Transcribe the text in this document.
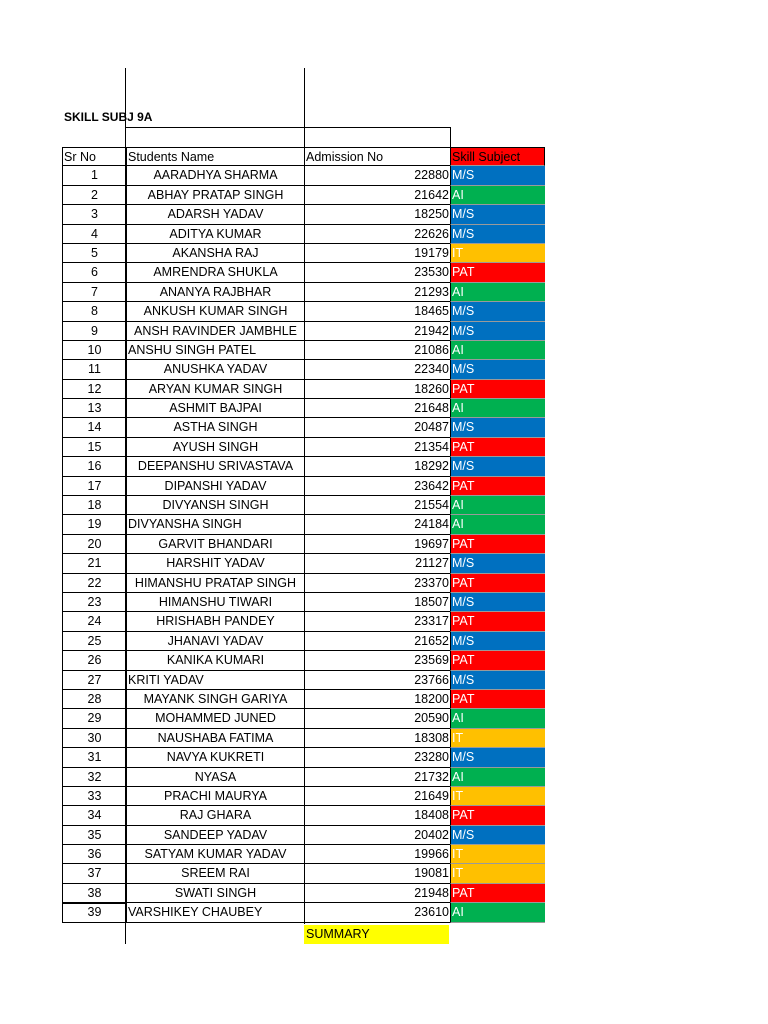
SKILL SUBJ 9A
Sr No	Students Name	Admission No	Skill Subject
1	AARADHYA SHARMA	22880 M/S
2	ABHAY PRATAP SINGH	21642 AI
3	ADARSH YADAV	18250 M/S
4	ADITYA KUMAR	22626 M/S
5	AKANSHA RAJ	19179 IT
6	AMRENDRA SHUKLA	23530 PAT
7	ANANYA RAJBHAR	21293 AI
8	ANKUSH KUMAR SINGH	18465 M/S
9	ANSH RAVINDER JAMBHLE	21942 M/S
10	ANSHU SINGH PATEL	21086 AI
11	ANUSHKA YADAV	22340 M/S
12	ARYAN KUMAR SINGH	18260 PAT
13	ASHMIT BAJPAI	21648 AI
14	ASTHA SINGH	20487 M/S
15	AYUSH SINGH	21354 PAT
16	DEEPANSHU SRIVASTAVA	18292 M/S
17	DIPANSHI YADAV	23642 PAT
18	DIVYANSH SINGH	21554 AI
19	DIVYANSHA SINGH	24184 AI
20	GARVIT BHANDARI	19697 PAT
21	HARSHIT YADAV	21127 M/S
22	HIMANSHU PRATAP SINGH	23370 PAT
23	HIMANSHU TIWARI	18507 M/S
24	HRISHABH PANDEY	23317 PAT
25	JHANAVI YADAV	21652 M/S
26	KANIKA KUMARI	23569 PAT
27	KRITI YADAV	23766 M/S
28	MAYANK SINGH GARIYA	18200 PAT
29	MOHAMMED JUNED	20590 AI
30	NAUSHABA FATIMA	18308 IT
31	NAVYA KUKRETI	23280 M/S
32	NYASA	21732 AI
33	PRACHI MAURYA	21649 IT
34	RAJ GHARA	18408 PAT
35	SANDEEP YADAV	20402 M/S
36	SATYAM KUMAR YADAV	19966 IT
37	SREEM RAI	19081 IT
38	SWATI SINGH	21948 PAT
39	VARSHIKEY CHAUBEY	23610 AI
SUMMARY
